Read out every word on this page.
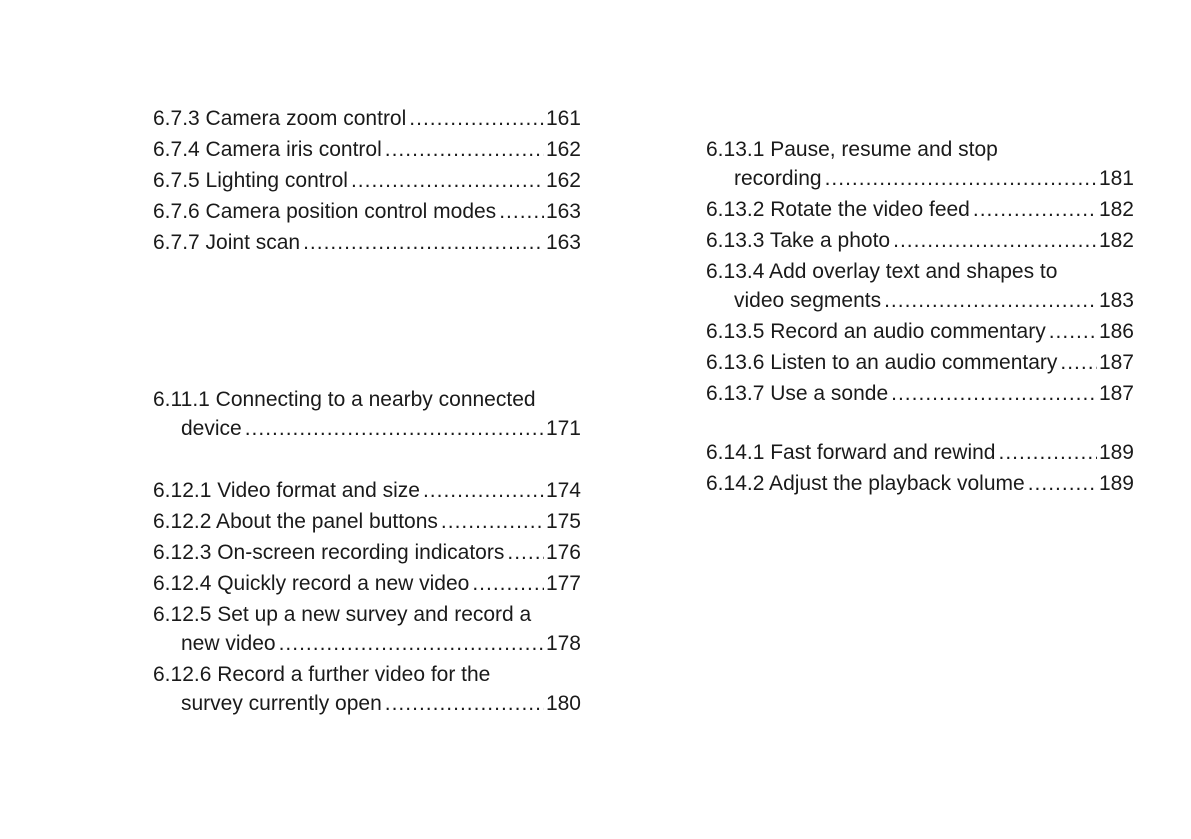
6.7.3 Camera zoom control .....	161
6.7.4 Camera iris control .....	162
6.7.5 Lighting control .....	162
6.7.6 Camera position control modes ..... 163
6.7.7 Joint scan .....	163
6.11.1 Connecting to a nearby connected
device .....	171
6.12.1 Video format and size .....	174
6.12.2 About the panel buttons .....	175
6.12.3 On-screen recording indicators ..... 176
6.12.4 Quickly record a new video .....	177
6.12.5 Set up a new survey and record a
new video .....	178
6.12.6 Record a further video for the
survey currently open .....	180
6.13.1 Pause, resume and stop
recording .....	181
6.13.2 Rotate the video feed .....	182
6.13.3 Take a photo .....	182
6.13.4 Add overlay text and shapes to
video segments .....	183
6.13.5 Record an audio commentary .....	186
6.13.6 Listen to an audio commentary ..... 187
6.13.7 Use a sonde .....	187
6.14.1 Fast forward and rewind .....	189
6.14.2 Adjust the playback volume .....	189
